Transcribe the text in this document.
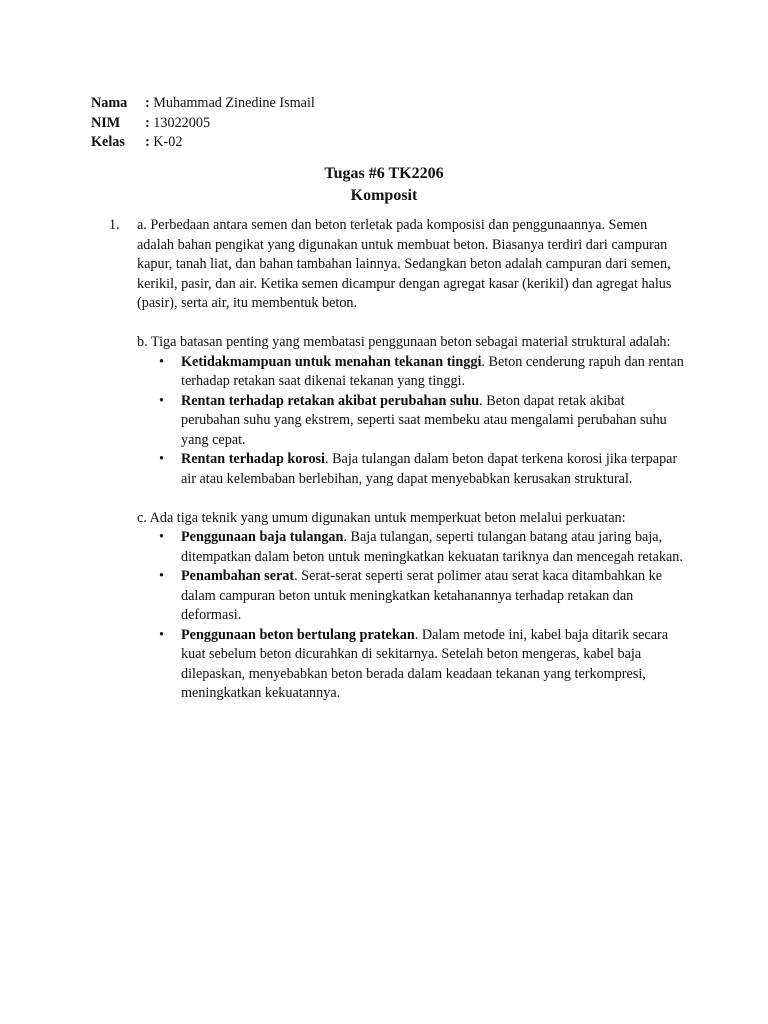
Nama	: Muhammad Zinedine Ismail
NIM	: 13022005
Kelas	: K-02
Tugas #6 TK2206
Komposit
1. a. Perbedaan antara semen dan beton terletak pada komposisi dan penggunaannya. Semen adalah bahan pengikat yang digunakan untuk membuat beton. Biasanya terdiri dari campuran kapur, tanah liat, dan bahan tambahan lainnya. Sedangkan beton adalah campuran dari semen, kerikil, pasir, dan air. Ketika semen dicampur dengan agregat kasar (kerikil) dan agregat halus (pasir), serta air, itu membentuk beton.

b. Tiga batasan penting yang membatasi penggunaan beton sebagai material struktural adalah:

• Ketidakmampuan untuk menahan tekanan tinggi. Beton cenderung rapuh dan rentan terhadap retakan saat dikenai tekanan yang tinggi.
• Rentan terhadap retakan akibat perubahan suhu. Beton dapat retak akibat perubahan suhu yang ekstrem, seperti saat membeku atau mengalami perubahan suhu yang cepat.
• Rentan terhadap korosi. Baja tulangan dalam beton dapat terkena korosi jika terpapar air atau kelembaban berlebihan, yang dapat menyebabkan kerusakan struktural.

c. Ada tiga teknik yang umum digunakan untuk memperkuat beton melalui perkuatan:

• Penggunaan baja tulangan. Baja tulangan, seperti tulangan batang atau jaring baja, ditempatkan dalam beton untuk meningkatkan kekuatan tariknya dan mencegah retakan.
• Penambahan serat. Serat-serat seperti serat polimer atau serat kaca ditambahkan ke dalam campuran beton untuk meningkatkan ketahanannya terhadap retakan dan deformasi.
• Penggunaan beton bertulang pratekan. Dalam metode ini, kabel baja ditarik secara kuat sebelum beton dicurahkan di sekitarnya. Setelah beton mengeras, kabel baja dilepaskan, menyebabkan beton berada dalam keadaan tekanan yang terkompresi, meningkatkan kekuatannya.
